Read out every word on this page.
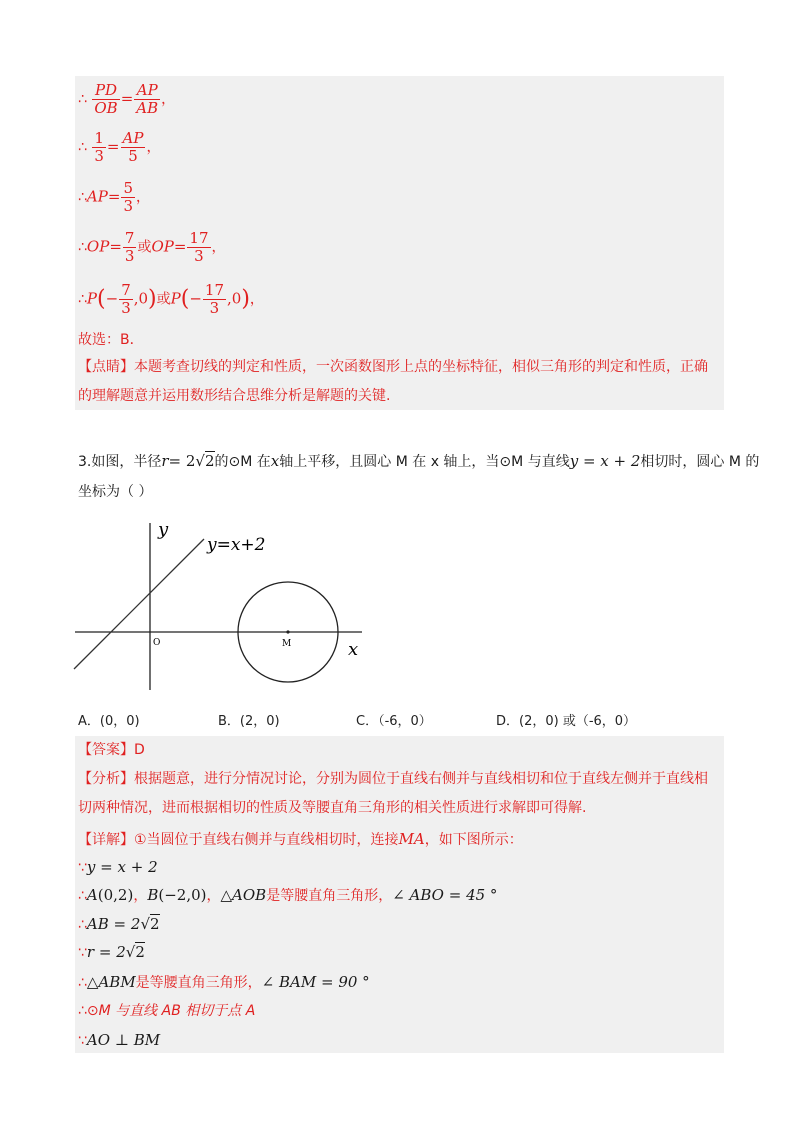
∴ $\frac{PD}{OB} = \frac{AP}{AB}$ ，
∴ $\frac{1}{3} = \frac{AP}{5}$ ，
∴AP= $\frac{5}{3}$ ，
∴OP= $\frac{7}{3}$ 或$OP= \frac{17}{3}$ ，
∴P(− $\frac{7}{3} ,0$)或$P(- \frac{17}{3} ,0)$，
故选：B．
【点睛】本题考查切线的判定和性质，一次函数图形上点的坐标特征，相似三角形的判定和性质，正确
的理解题意并运用数形结合思维分析是解题的关键.
3.如图，半径r= 2√2的⊙M 在x轴上平移，且圆心 M 在 x 轴上，当⊙M 与直线y = x + 2相切时，圆心 M 的
坐标为（ ）
y
x
y=x+2
O	M
A．(0，0)	B．(2，0)	C．（-6，0）	D．(2，0) 或（-6，0）
【答案】D
【分析】根据题意，进行分情况讨论，分别为圆位于直线右侧并与直线相切和位于直线左侧并于直线相
切两种情况，进而根据相切的性质及等腰直角三角形的相关性质进行求解即可得解.
【详解】①当圆位于直线右侧并与直线相切时，连接MA，如下图所示：
∵y = x + 2
∴A(0,2)，B(−2,0)，△AOB是等腰直角三角形，∠ ABO = 45 °
∴AB = 2√2
∵r = 2√2
∴△ABM是等腰直角三角形，∠ BAM = 90 °
∴⊙M 与直线 AB 相切于点 A
∵AO ⊥ BM
